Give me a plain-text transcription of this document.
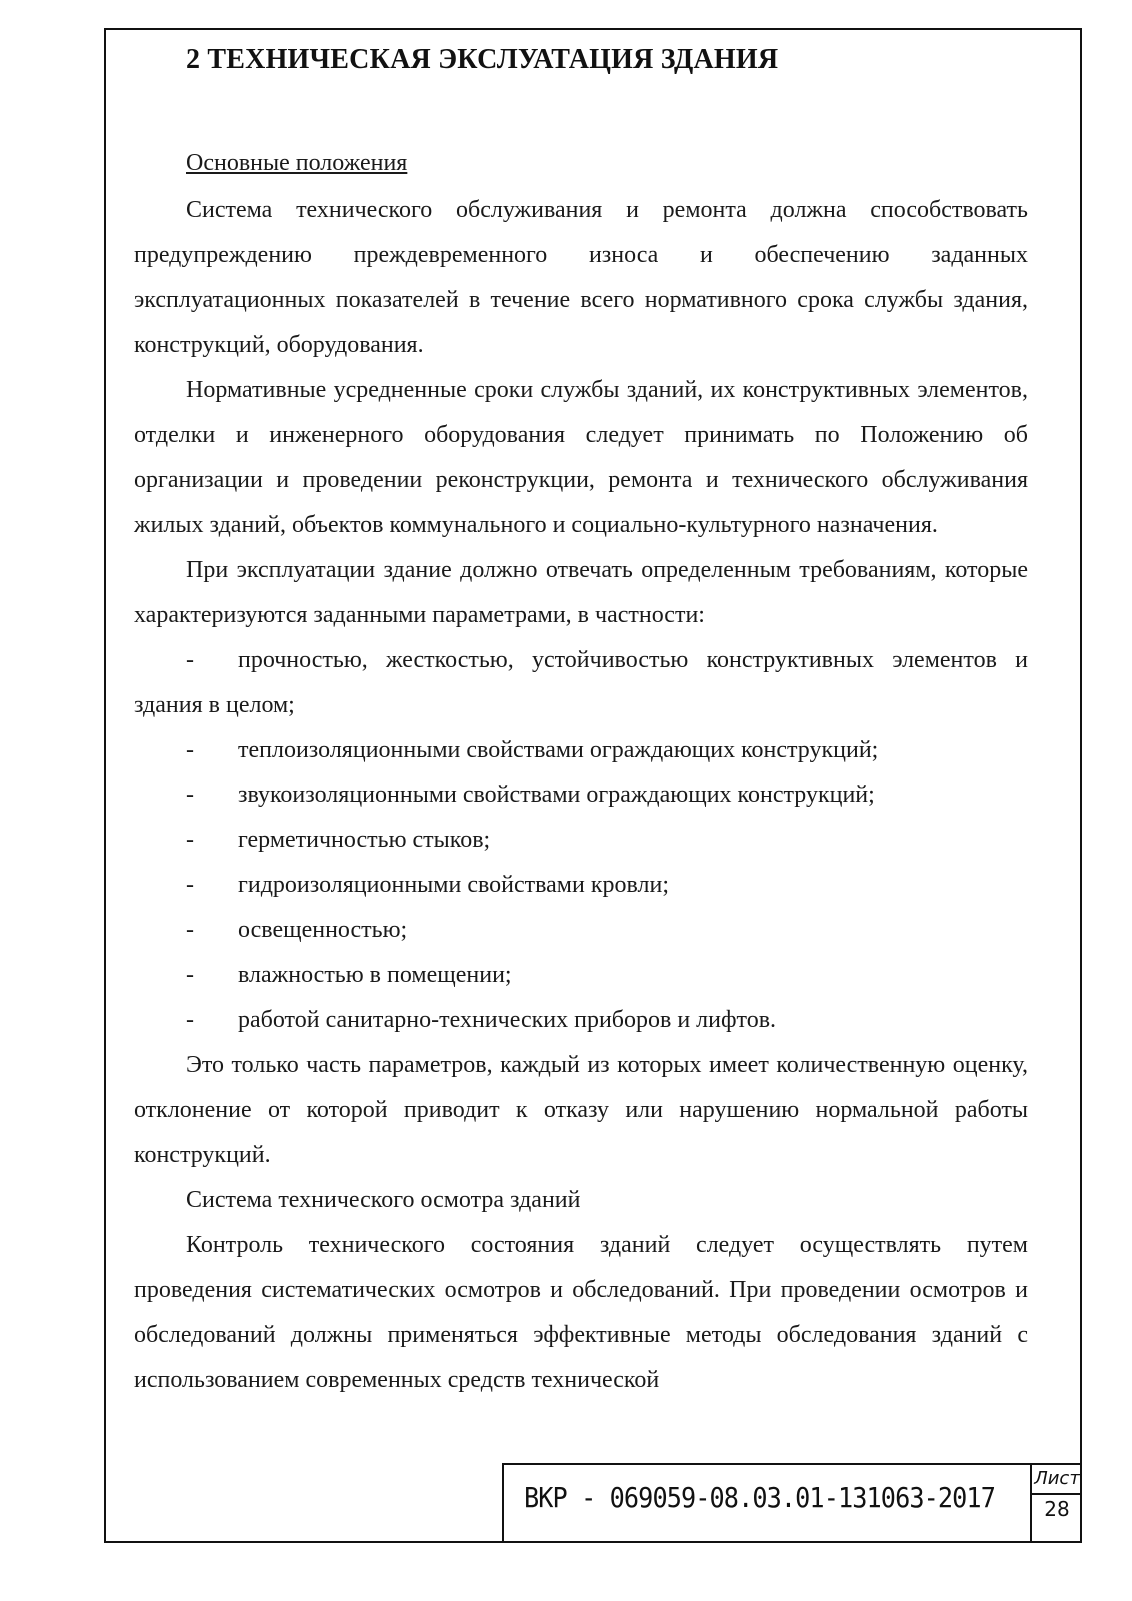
2 ТЕХНИЧЕСКАЯ ЭКСЛУАТАЦИЯ ЗДАНИЯ
Основные положения

Система технического обслуживания и ремонта должна способствовать предупреждению преждевременного износа и обеспечению заданных эксплуатационных показателей в течение всего нормативного срока службы здания, конструкций, оборудования.

Нормативные усредненные сроки службы зданий, их конструктивных элементов, отделки и инженерного оборудования следует принимать по Положению об организации и проведении реконструкции, ремонта и технического обслуживания жилых зданий, объектов коммунального и социально-культурного назначения.

При эксплуатации здание должно отвечать определенным требованиям, которые характеризуются заданными параметрами, в частности:

- прочностью, жесткостью, устойчивостью конструктивных элементов и здания в целом;

- теплоизоляционными свойствами ограждающих конструкций;

- звукоизоляционными свойствами ограждающих конструкций;

- герметичностью стыков;

- гидроизоляционными свойствами кровли;

- освещенностью;

- влажностью в помещении;

- работой санитарно-технических приборов и лифтов.

Это только часть параметров, каждый из которых имеет количественную оценку, отклонение от которой приводит к отказу или нарушению нормальной работы конструкций.

Система технического осмотра зданий

Контроль технического состояния зданий следует осуществлять путем проведения систематических осмотров и обследований. При проведении осмотров и обследований должны применяться эффективные методы обследования зданий с использованием современных средств технической

ВКР - 069059-08.03.01-131063-2017
Лист
28
